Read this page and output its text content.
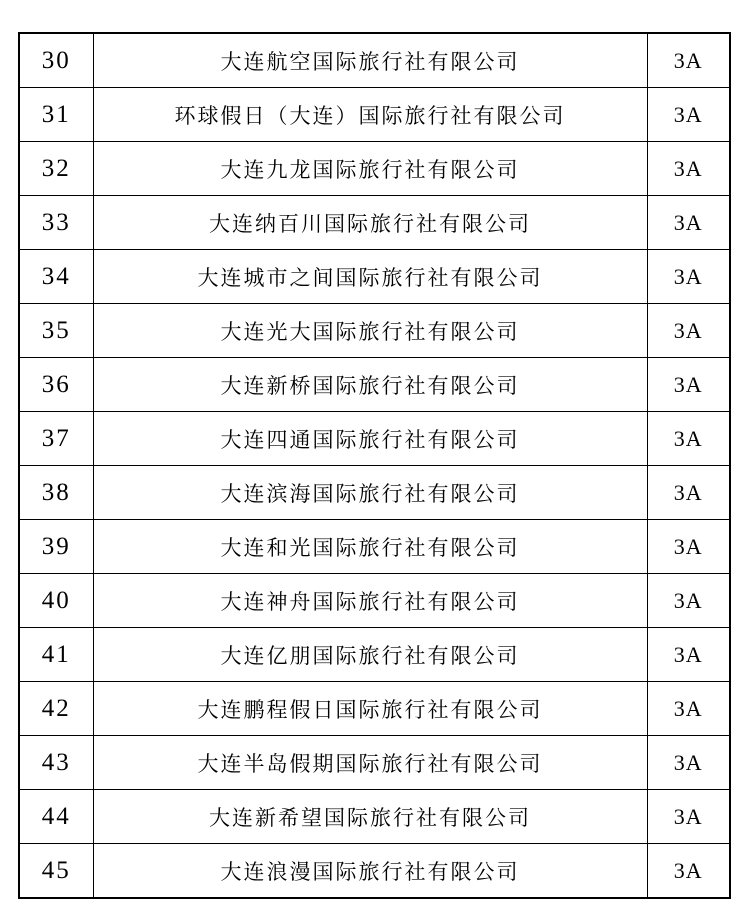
30	大连航空国际旅行社有限公司	3A
31	环球假日（大连）国际旅行社有限公司	3A
32	大连九龙国际旅行社有限公司	3A
33	大连纳百川国际旅行社有限公司	3A
34	大连城市之间国际旅行社有限公司	3A
35	大连光大国际旅行社有限公司	3A
36	大连新桥国际旅行社有限公司	3A
37	大连四通国际旅行社有限公司	3A
38	大连滨海国际旅行社有限公司	3A
39	大连和光国际旅行社有限公司	3A
40	大连神舟国际旅行社有限公司	3A
41	大连亿朋国际旅行社有限公司	3A
42	大连鹏程假日国际旅行社有限公司	3A
43	大连半岛假期国际旅行社有限公司	3A
44	大连新希望国际旅行社有限公司	3A
45	大连浪漫国际旅行社有限公司	3A
